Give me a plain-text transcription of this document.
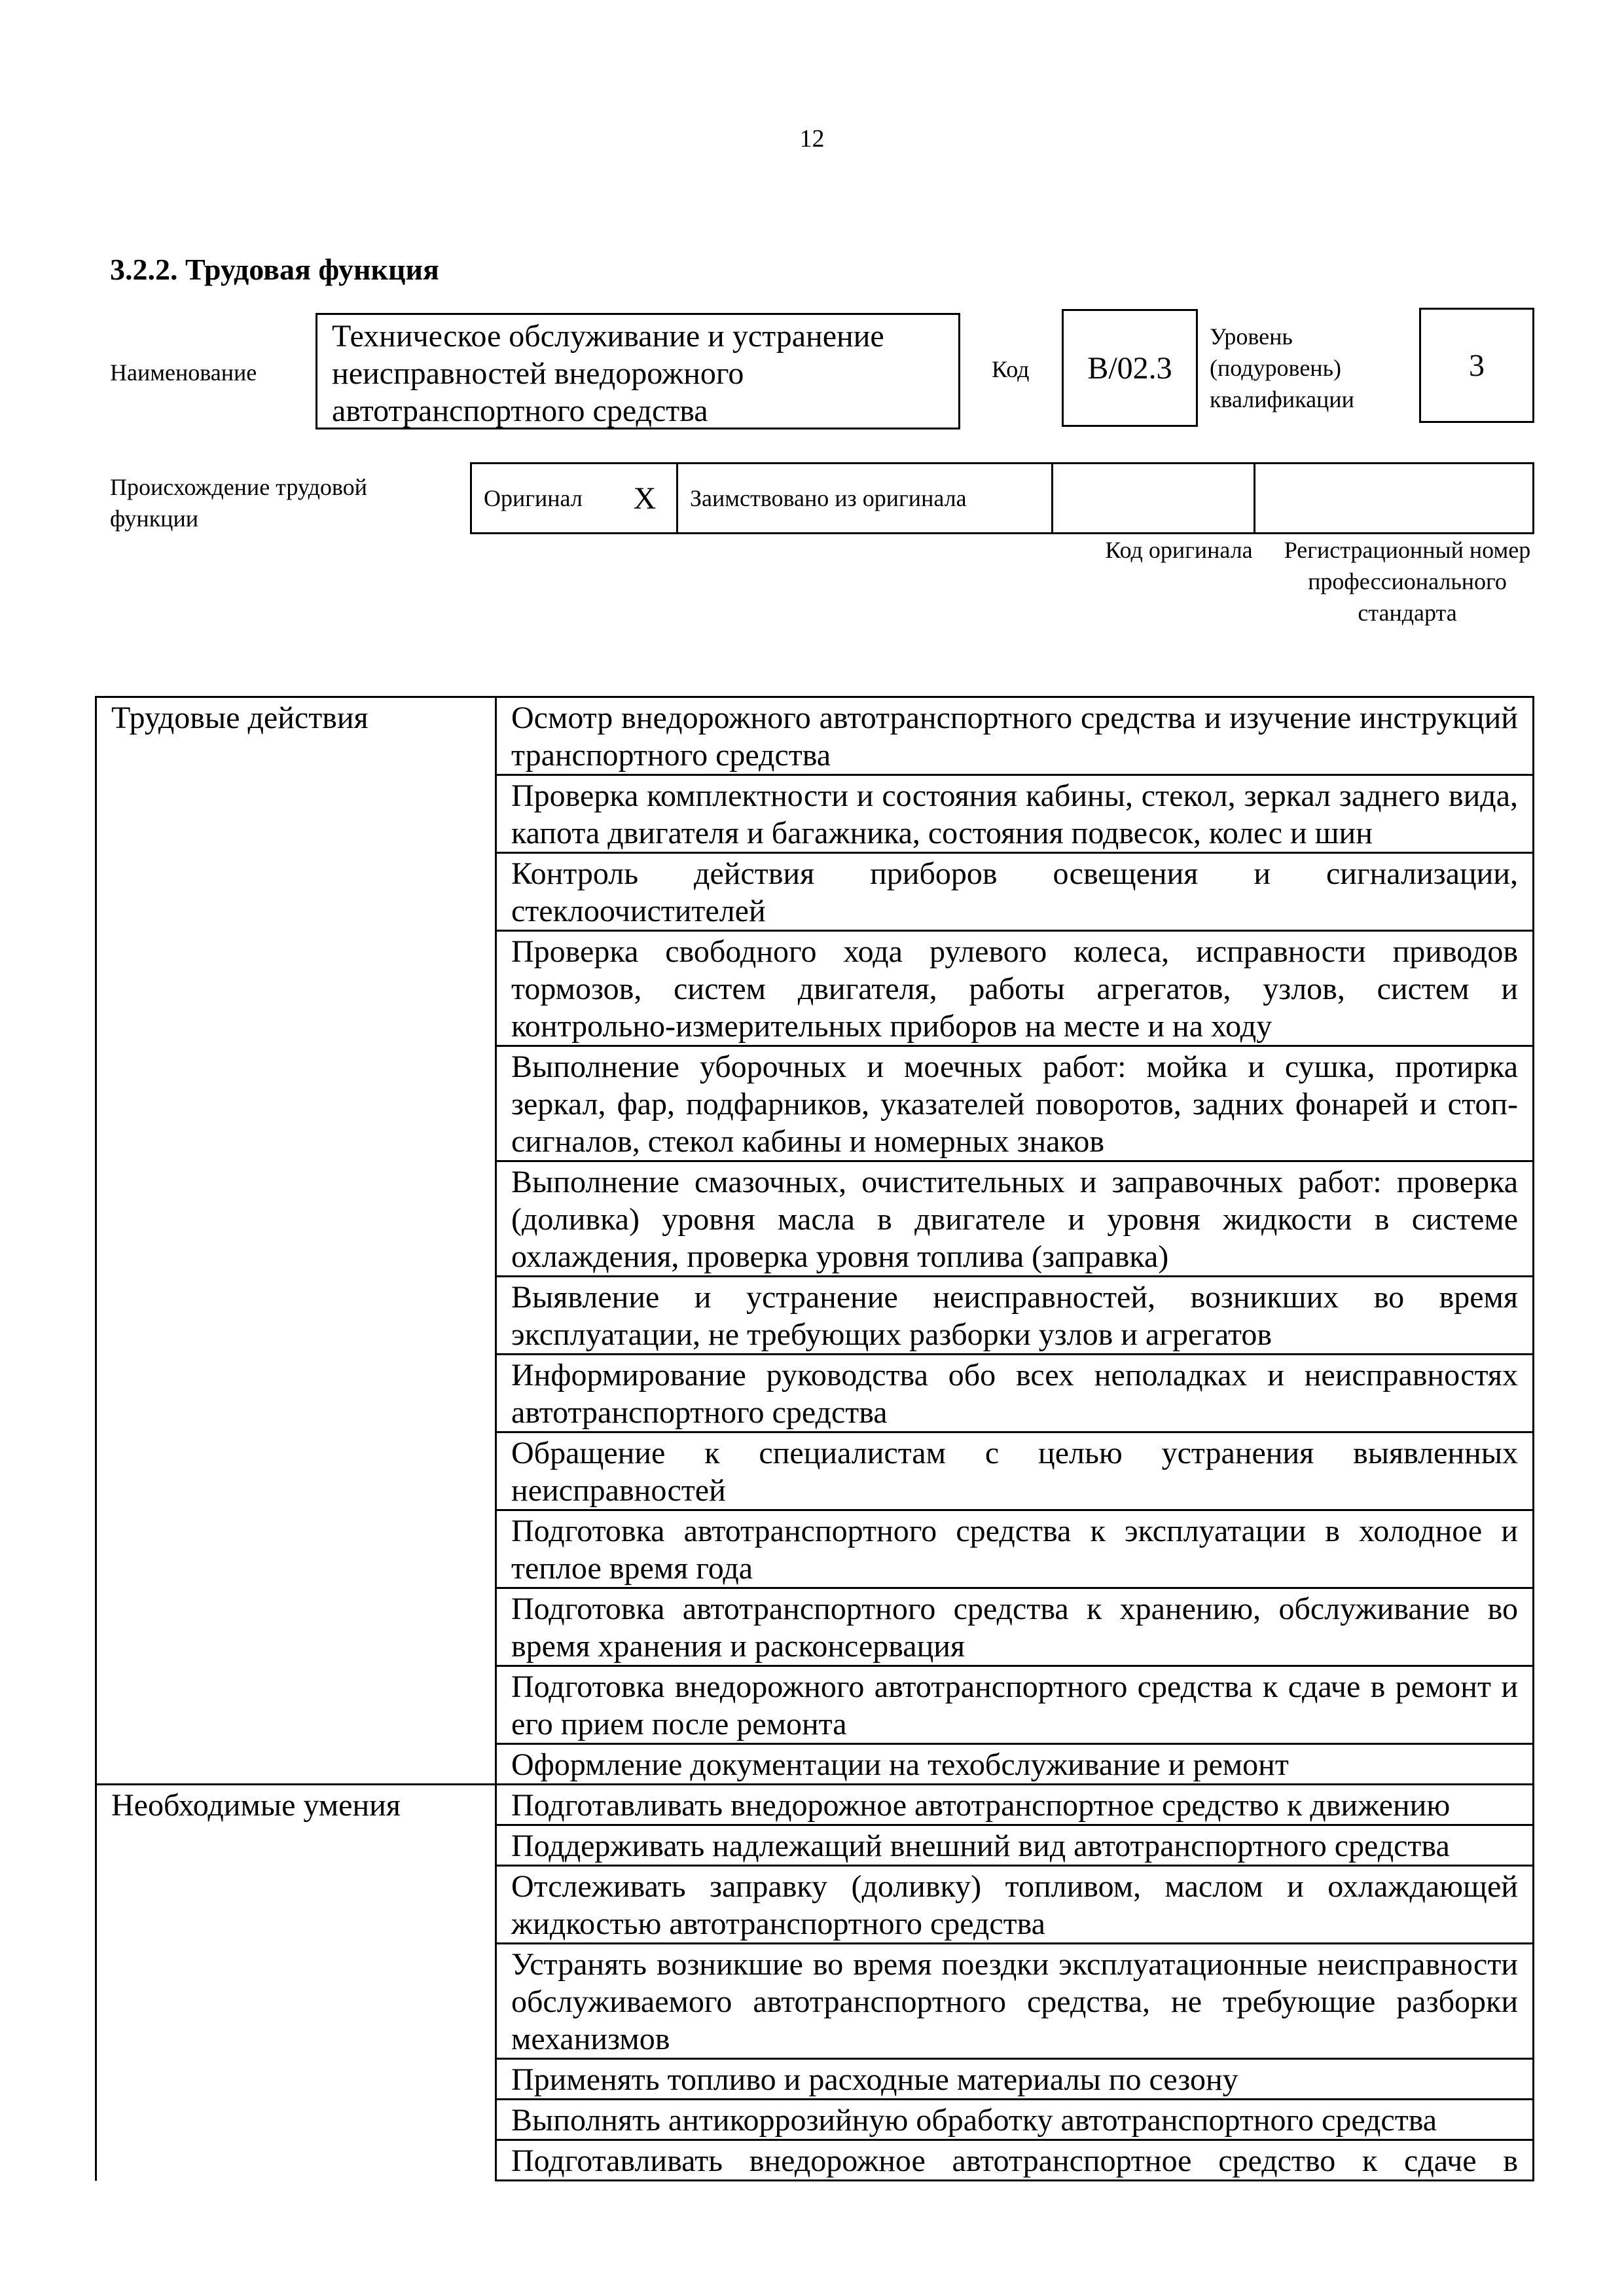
12
3.2.2. Трудовая функция
Наименование
Техническое обслуживание и устранение неисправностей внедорожного автотранспортного средства
Код В/02.3
Уровень (подуровень) квалификации
3
Происхождение трудовой функции
Оригинал	X	Заимствовано из оригинала		
Код оригинала	Регистрационный номер профессионального стандарта
Трудовые действия	Осмотр внедорожного автотранспортного средства и изучение инструкций транспортного средства
	Проверка комплектности и состояния кабины, стекол, зеркал заднего вида, капота двигателя и багажника, состояния подвесок, колес и шин
	Контроль действия приборов освещения и сигнализации, стеклоочистителей
	Проверка свободного хода рулевого колеса, исправности приводов тормозов, систем двигателя, работы агрегатов, узлов, систем и контрольно-измерительных приборов на месте и на ходу
	Выполнение уборочных и моечных работ: мойка и сушка, протирка зеркал, фар, подфарников, указателей поворотов, задних фонарей и стоп-сигналов, стекол кабины и номерных знаков
	Выполнение смазочных, очистительных и заправочных работ: проверка (доливка) уровня масла в двигателе и уровня жидкости в системе охлаждения, проверка уровня топлива (заправка)
	Выявление и устранение неисправностей, возникших во время эксплуатации, не требующих разборки узлов и агрегатов
	Информирование руководства обо всех неполадках и неисправностях автотранспортного средства
	Обращение к специалистам с целью устранения выявленных неисправностей
	Подготовка автотранспортного средства к эксплуатации в холодное и теплое время года
	Подготовка автотранспортного средства к хранению, обслуживание во время хранения и расконсервация
	Подготовка внедорожного автотранспортного средства к сдаче в ремонт и его прием после ремонта
	Оформление документации на техобслуживание и ремонт
Необходимые умения	Подготавливать внедорожное автотранспортное средство к движению
	Поддерживать надлежащий внешний вид автотранспортного средства
	Отслеживать заправку (доливку) топливом, маслом и охлаждающей жидкостью автотранспортного средства
	Устранять возникшие во время поездки эксплуатационные неисправности обслуживаемого автотранспортного средства, не требующие разборки механизмов
	Применять топливо и расходные материалы по сезону
	Выполнять антикоррозийную обработку автотранспортного средства
	Подготавливать внедорожное автотранспортное средство к сдаче в
